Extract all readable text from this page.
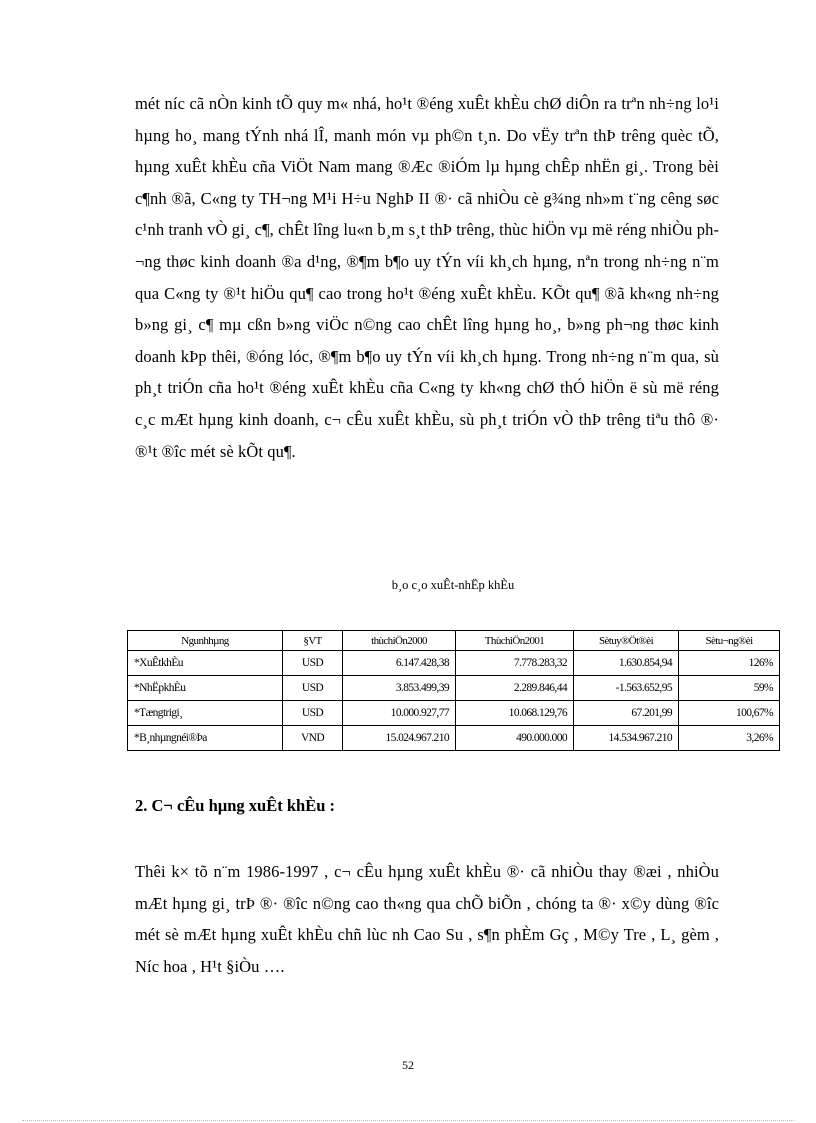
mét níc cã nÒn kinh tÕ quy m« nhá, ho¹t ®éng xuÊt khÈu chØ diÔn ra trªn nh÷ng lo¹i hµng ho¸ mang tÝnh nhá lÎ, manh món vµ ph©n t¸n. Do vËy trªn thÞ trêng quèc tÕ, hµng xuÊt khÈu cña ViÖt Nam mang ®Æc ®iÓm lµ hµng chÊp nhËn gi¸. Trong bèi c¶nh ®ã, C«ng ty TH¬ng M¹i H÷u NghÞ II ®· cã nhiÒu cè g¾ng nh»m t¨ng cêng søc c¹nh tranh vÒ gi¸ c¶, chÊt lîng lu«n b¸m s¸t thÞ trêng, thùc hiÖn vµ më réng nhiÒu ph¬ng thøc kinh doanh ®a d¹ng, ®¶m b¶o uy tÝn víi kh¸ch hµng, nªn trong nh÷ng n¨m qua C«ng ty ®¹t hiÖu qu¶ cao trong ho¹t ®éng xuÊt khÈu. KÕt qu¶ ®ã kh«ng nh÷ng b»ng gi¸ c¶ mµ cßn b»ng viÖc n©ng cao chÊt lîng hµng ho¸, b»ng ph¬ng thøc kinh doanh kÞp thêi, ®óng lóc, ®¶m b¶o uy tÝn víi kh¸ch hµng. Trong nh÷ng n¨m qua, sù ph¸t triÓn cña ho¹t ®éng xuÊt khÈu cña C«ng ty kh«ng chØ thÓ hiÖn ë sù më réng c¸c mÆt hµng kinh doanh, c¬ cÊu xuÊt khÈu, sù ph¸t triÓn vÒ thÞ trêng tiªu thô ®· ®¹t ®îc mét sè kÕt qu¶.

b¸o c¸o xuÊt-nhËp khÈu

Ngunhhµng	§VT	thùchiÖn2000	ThùchiÖn2001	Sètuy®Öt®èi	Sètu¬ng®èi
*XuÊtkhÈu	USD	6.147.428,38	7.778.283,32	1.630.854,94	126%
*NhËpkhÈu	USD	3.853.499,39	2.289.846,44	-1.563.652,95	59%
*Tængtrigi¸	USD	10.000.927,77	10.068.129,76	67.201,99	100,67%
*B¸nhµngnéi®Þa	VND	15.024.967.210	490.000.000	14.534.967.210	3,26%

2. C¬ cÊu hµng xuÊt khÈu :

Thêi k× tõ n¨m 1986-1997 , c¬ cÊu hµng xuÊt khÈu ®· cã nhiÒu thay ®æi , nhiÒu mÆt hµng gi¸ trÞ ®· ®îc n©ng cao th«ng qua chÕ biÕn , chóng ta ®· x©y dùng ®îc mét sè mÆt hµng xuÊt khÈu chñ lùc nh Cao Su , s¶n phÈm Gç , M©y Tre , L¸ gèm , Níc hoa , H¹t §iÒu ….

52
